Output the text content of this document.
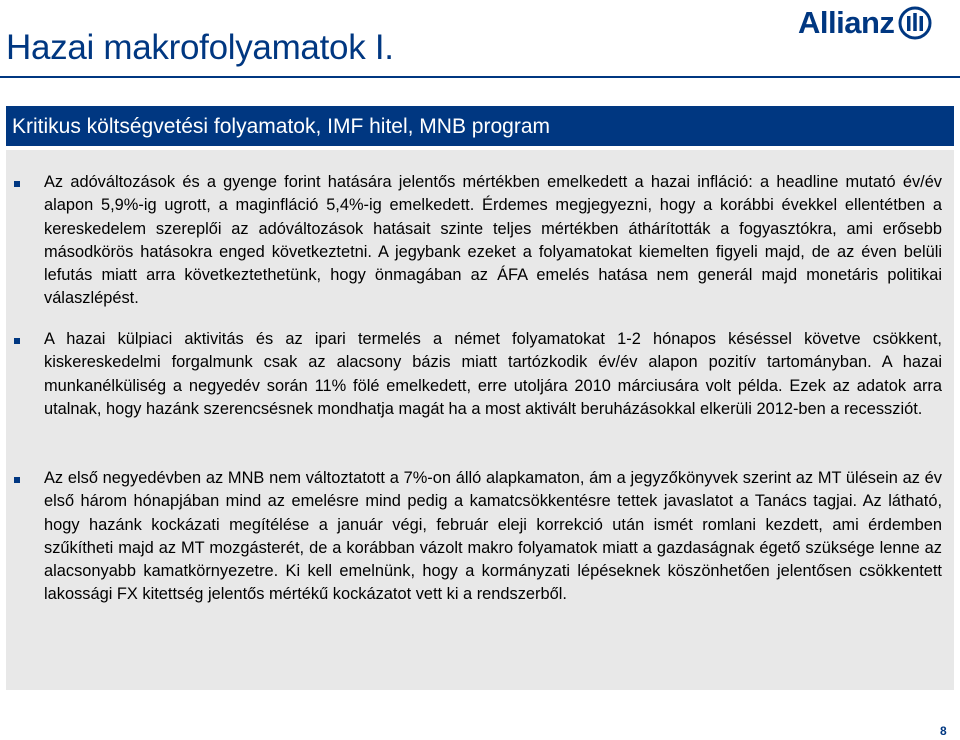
Hazai makrofolyamatok I.
Allianz
Kritikus költségvetési folyamatok, IMF hitel, MNB program
Az adóváltozások és a gyenge forint hatására jelentős mértékben emelkedett a hazai infláció: a headline mutató év/év alapon 5,9%-ig ugrott, a maginfláció 5,4%-ig emelkedett. Érdemes megjegyezni, hogy a korábbi évekkel ellentétben a kereskedelem szereplői az adóváltozások hatásait szinte teljes mértékben áthárították a fogyasztókra, ami erősebb másodkörös hatásokra enged következtetni. A jegybank ezeket a folyamatokat kiemelten figyeli majd, de az éven belüli lefutás miatt arra következtethetünk, hogy önmagában az ÁFA emelés hatása nem generál majd monetáris politikai válaszlépést.
A hazai külpiaci aktivitás és az ipari termelés a német folyamatokat 1-2 hónapos késéssel követve csökkent, kiskereskedelmi forgalmunk csak az alacsony bázis miatt tartózkodik év/év alapon pozitív tartományban. A hazai munkanélküliség a negyedév során 11% fölé emelkedett, erre utoljára 2010 márciusára volt példa. Ezek az adatok arra utalnak, hogy hazánk szerencsésnek mondhatja magát ha a most aktivált beruházásokkal elkerüli 2012-ben a recessziót.
Az első negyedévben az MNB nem változtatott a 7%-on álló alapkamaton, ám a jegyzőkönyvek szerint az MT ülésein az év első három hónapjában mind az emelésre mind pedig a kamatcsökkentésre tettek javaslatot a Tanács tagjai. Az látható, hogy hazánk kockázati megítélése a január végi, február eleji korrekció után ismét romlani kezdett, ami érdemben szűkítheti majd az MT mozgásterét, de a korábban vázolt makro folyamatok miatt a gazdaságnak égető szüksége lenne az alacsonyabb kamatkörnyezetre. Ki kell emelnünk, hogy a kormányzati lépéseknek köszönhetően jelentősen csökkentett lakossági FX kitettség jelentős mértékű kockázatot vett ki a rendszerből.
8
